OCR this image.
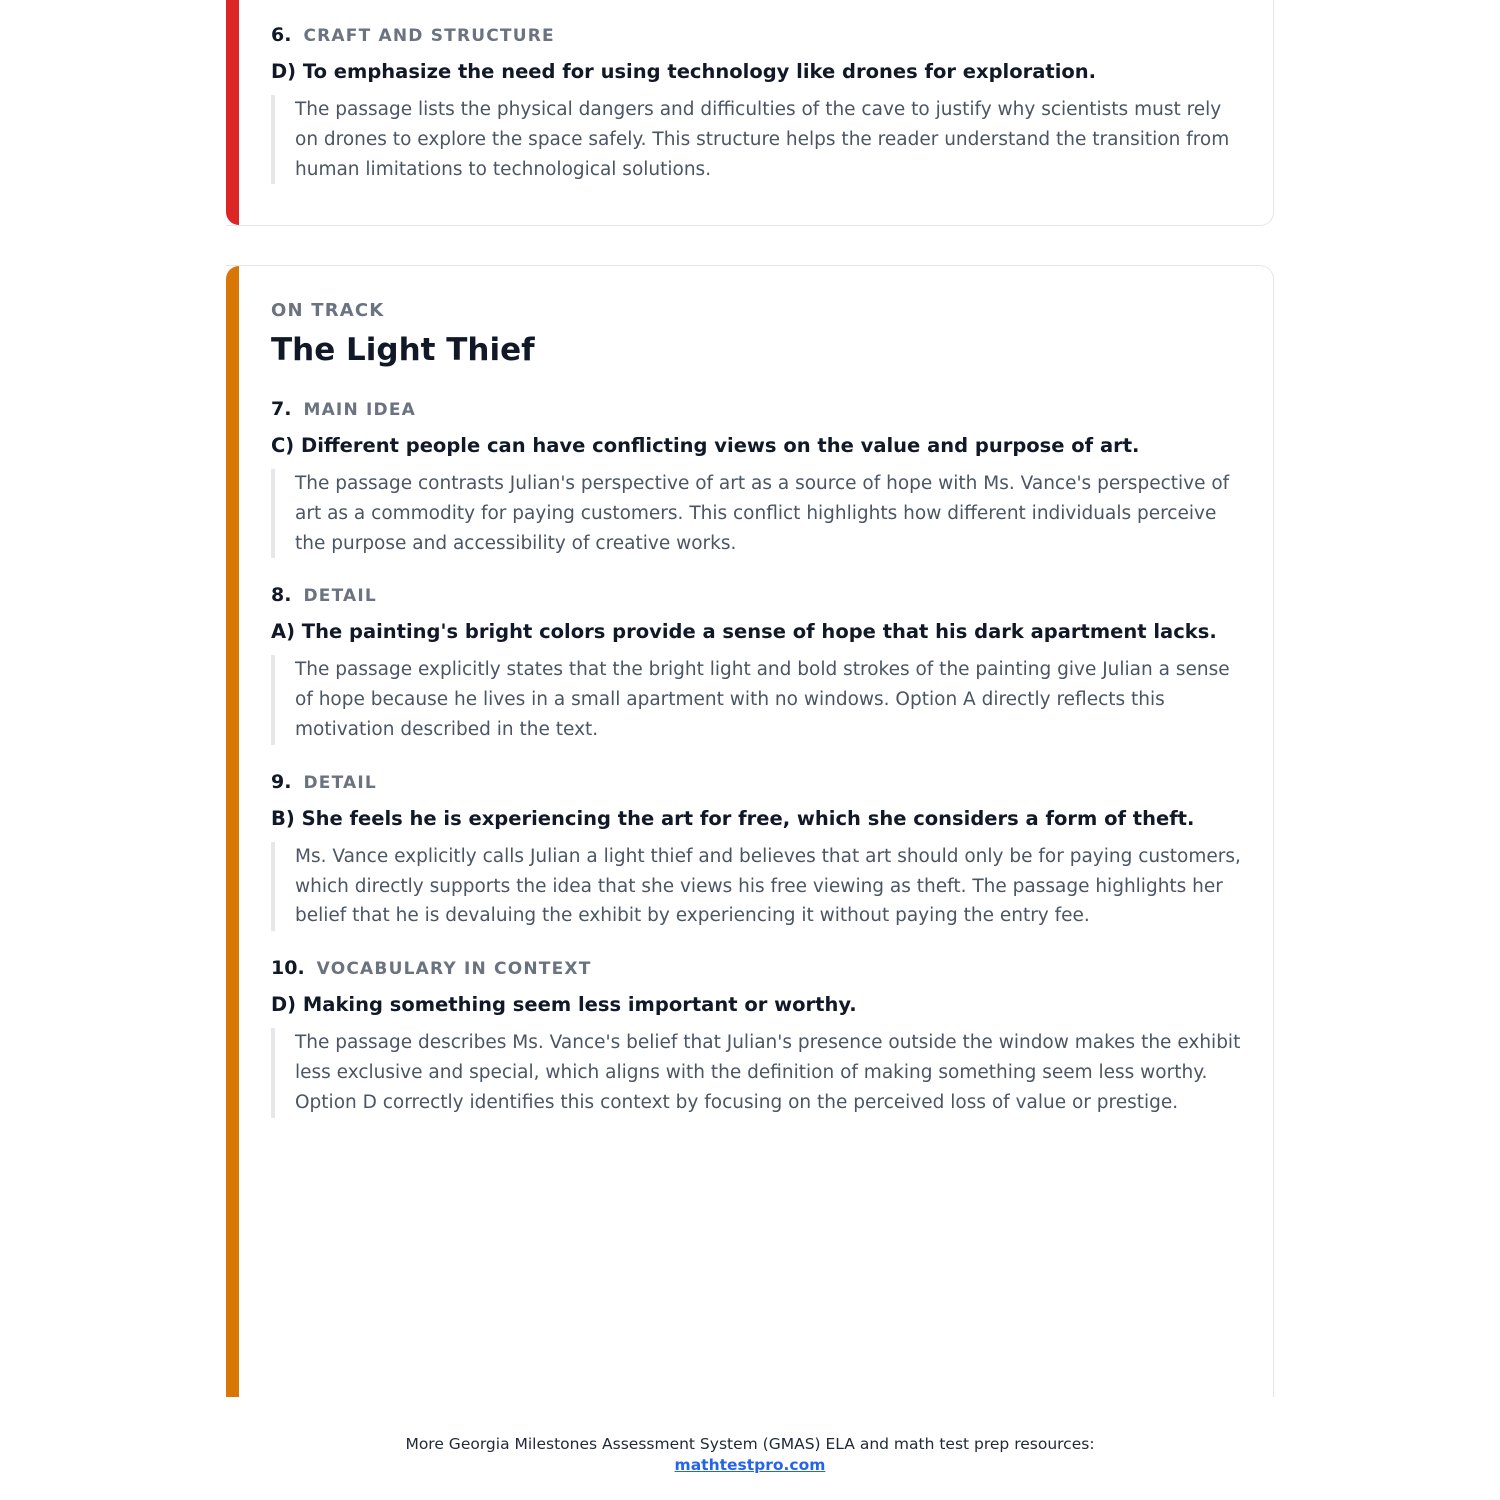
6. CRAFT AND STRUCTURE

D) To emphasize the need for using technology like drones for exploration.

The passage lists the physical dangers and difficulties of the cave to justify why scientists must rely on drones to explore the space safely. This structure helps the reader understand the transition from human limitations to technological solutions.

ON TRACK

The Light Thief
7. MAIN IDEA

C) Different people can have conflicting views on the value and purpose of art.

The passage contrasts Julian's perspective of art as a source of hope with Ms. Vance's perspective of art as a commodity for paying customers. This conflict highlights how different individuals perceive the purpose and accessibility of creative works.
8. DETAIL

A) The painting's bright colors provide a sense of hope that his dark apartment lacks.

The passage explicitly states that the bright light and bold strokes of the painting give Julian a sense of hope because he lives in a small apartment with no windows. Option A directly reflects this motivation described in the text.
9. DETAIL

B) She feels he is experiencing the art for free, which she considers a form of theft.

Ms. Vance explicitly calls Julian a light thief and believes that art should only be for paying customers, which directly supports the idea that she views his free viewing as theft. The passage highlights her belief that he is devaluing the exhibit by experiencing it without paying the entry fee.
10. VOCABULARY IN CONTEXT

D) Making something seem less important or worthy.

The passage describes Ms. Vance's belief that Julian's presence outside the window makes the exhibit less exclusive and special, which aligns with the definition of making something seem less worthy. Option D correctly identifies this context by focusing on the perceived loss of value or prestige.
More Georgia Milestones Assessment System (GMAS) ELA and math test prep resources:
mathtestpro.com
